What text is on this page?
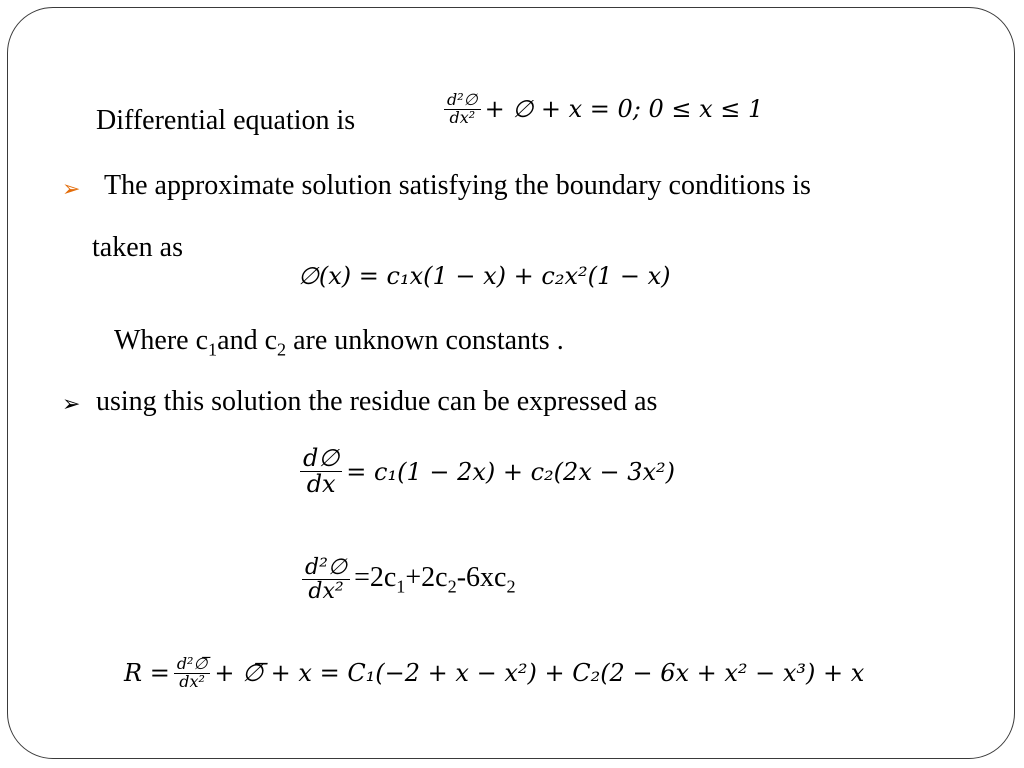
Differential equation is	$\frac{\text{d²∅}}{\text{dx²}}$ + ∅ + x = 0; 0 ≤ x ≤ 1
➢ The approximate solution satisfying the boundary conditions is
taken as
∅(x) = c₁x(1 − x) + c₂x²(1 − x)
Where $c_1and$ $c_2$ are unknown constants .
➢ using this solution the residue can be expressed as
$\frac{d\emptyset}{dx} = c_1(1 - 2x) + c_2(2x - 3x^2)$
$\frac{\text{d²∅}}{\text{dx²}} =2c_1+2c_2-6xc_2$
$R = \frac{\text{d²∅̅}}{\text{dx²}}$ + ∅̅ + x = C₁(−2 + x − x²) + C₂(2 − 6x + x² − x³) + x
